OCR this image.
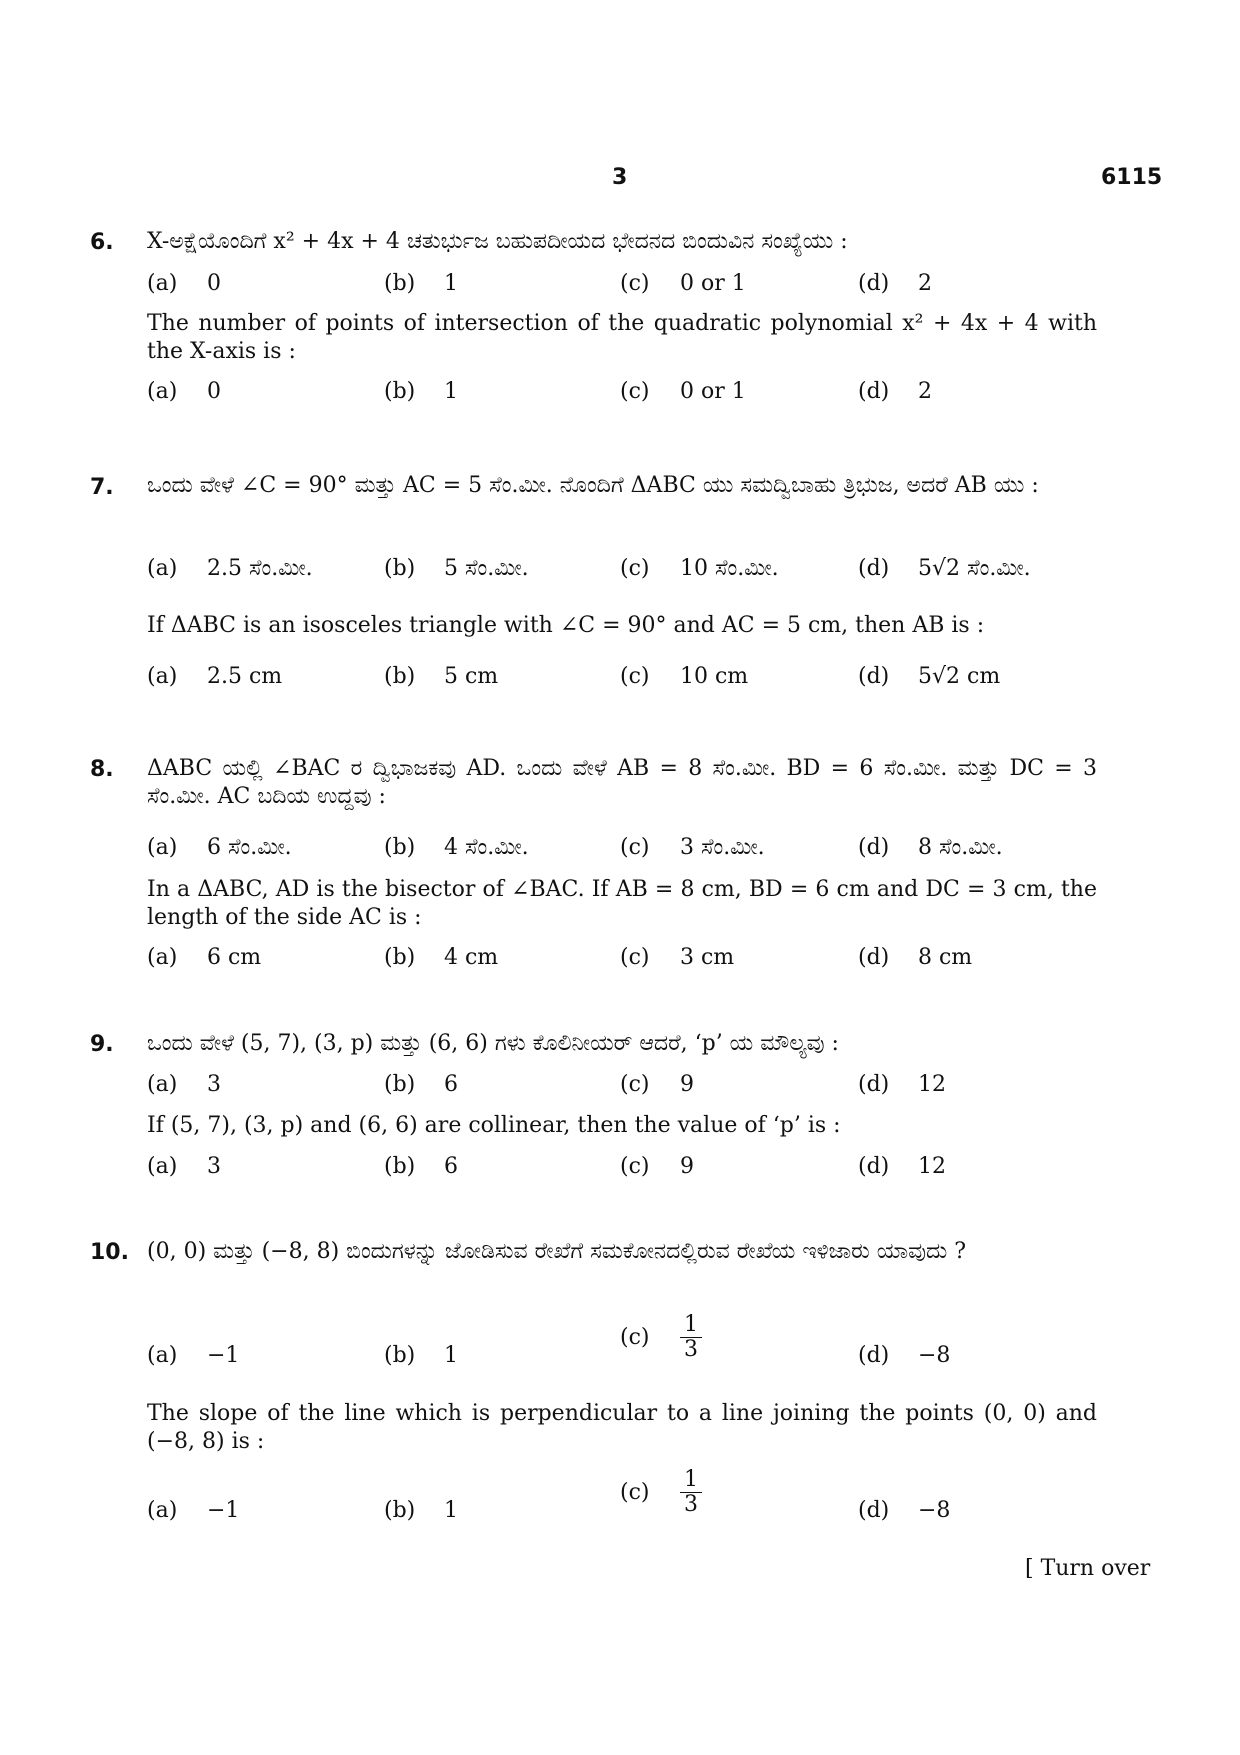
3	6115
6. X-ಅಕ್ಷೆಯೊಂದಿಗೆ x² + 4x + 4 ಚತುರ್ಭುಜ ಬಹುಪದೀಯದ ಭೇದನದ ಬಿಂದುವಿನ ಸಂಖ್ಯೆಯು :
(a) 0	(b) 1	(c) 0 or 1	(d) 2
The number of points of intersection of the quadratic polynomial x² + 4x + 4 with the X-axis is :
(a) 0	(b) 1	(c) 0 or 1	(d) 2
7. ಒಂದು ವೇಳೆ ∠C = 90° ಮತ್ತು AC = 5 ಸೆಂ.ಮೀ. ನೊಂದಿಗೆ ΔABC ಯು ಸಮದ್ವಿಬಾಹು ತ್ರಿಭುಜ, ಅದರೆ AB ಯು :
(a) 2.5 ಸೆಂ.ಮೀ.	(b) 5 ಸೆಂ.ಮೀ.	(c) 10 ಸೆಂ.ಮೀ.	(d) 5√2 ಸೆಂ.ಮೀ.
If ΔABC is an isosceles triangle with ∠C = 90° and AC = 5 cm, then AB is :
(a) 2.5 cm	(b) 5 cm	(c) 10 cm	(d) 5√2 cm
8. ΔABC ಯಲ್ಲಿ ∠BAC ರ ದ್ವಿಭಾಜಕವು AD. ಒಂದು ವೇಳೆ AB = 8 ಸೆಂ.ಮೀ. BD = 6 ಸೆಂ.ಮೀ. ಮತ್ತು DC = 3 ಸೆಂ.ಮೀ. AC ಬದಿಯ ಉದ್ದವು :
(a) 6 ಸೆಂ.ಮೀ.	(b) 4 ಸೆಂ.ಮೀ.	(c) 3 ಸೆಂ.ಮೀ.	(d) 8 ಸೆಂ.ಮೀ.
In a ΔABC, AD is the bisector of ∠BAC. If AB = 8 cm, BD = 6 cm and DC = 3 cm, the length of the side AC is :
(a) 6 cm	(b) 4 cm	(c) 3 cm	(d) 8 cm
9. ಒಂದು ವೇಳೆ (5, 7), (3, p) ಮತ್ತು (6, 6) ಗಳು ಕೊಲಿನೀಯರ್ ಆದರೆ, ‘p’ ಯ ಮೌಲ್ಯವು :
(a) 3	(b) 6	(c) 9	(d) 12
If (5, 7), (3, p) and (6, 6) are collinear, then the value of ‘p’ is :
(a) 3	(b) 6	(c) 9	(d) 12
10. (0, 0) ಮತ್ತು (−8, 8) ಬಿಂದುಗಳನ್ನು ಜೋಡಿಸುವ ರೇಖೆಗೆ ಸಮಕೋನದಲ್ಲಿರುವ ರೇಖೆಯ ಇಳಿಜಾರು ಯಾವುದು ?
(a) −1	(b) 1
$(c) \frac{1}{3}$	(d) −8
The slope of the line which is perpendicular to a line joining the points (0, 0) and (−8, 8) is :
(a) −1	(b) 1
$(c) \frac{1}{3}$	(d) −8
[ Turn over
